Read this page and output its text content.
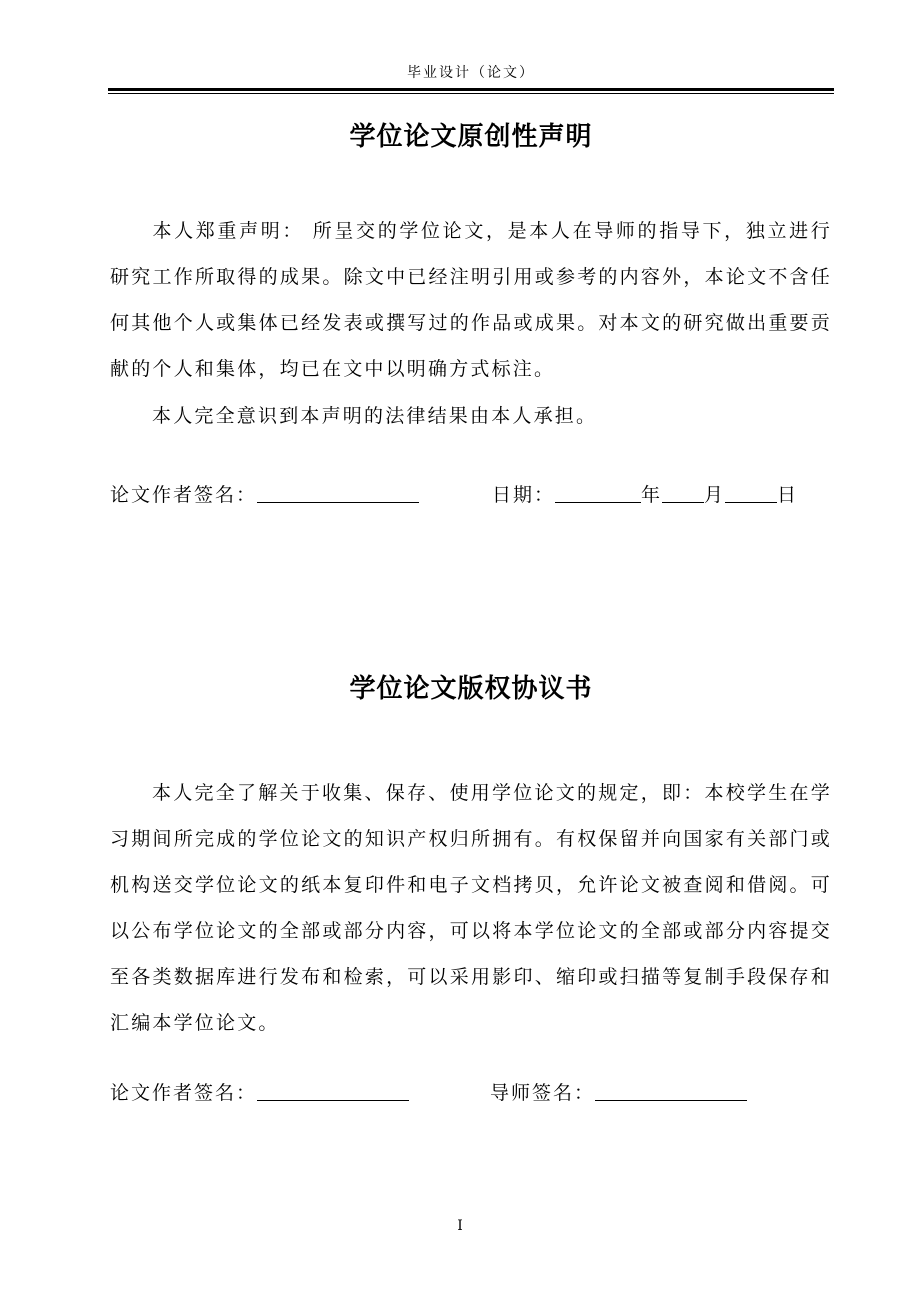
毕业设计（论文）
学位论文原创性声明

本人郑重声明： 所呈交的学位论文，是本人在导师的指导下，独立进行研究工作所取得的成果。除文中已经注明引用或参考的内容外，本论文不含任何其他个人或集体已经发表或撰写过的作品或成果。对本文的研究做出重要贡献的个人和集体，均已在文中以明确方式标注。

本人完全意识到本声明的法律结果由本人承担。

论文作者签名：	日期：	年 月	日
学位论文版权协议书

本人完全了解关于收集、保存、使用学位论文的规定，即：本校学生在学习期间所完成的学位论文的知识产权归所拥有。有权保留并向国家有关部门或机构送交学位论文的纸本复印件和电子文档拷贝，允许论文被查阅和借阅。可以公布学位论文的全部或部分内容，可以将本学位论文的全部或部分内容提交至各类数据库进行发布和检索，可以采用影印、缩印或扫描等复制手段保存和汇编本学位论文。

论文作者签名：	导师签名：
I
